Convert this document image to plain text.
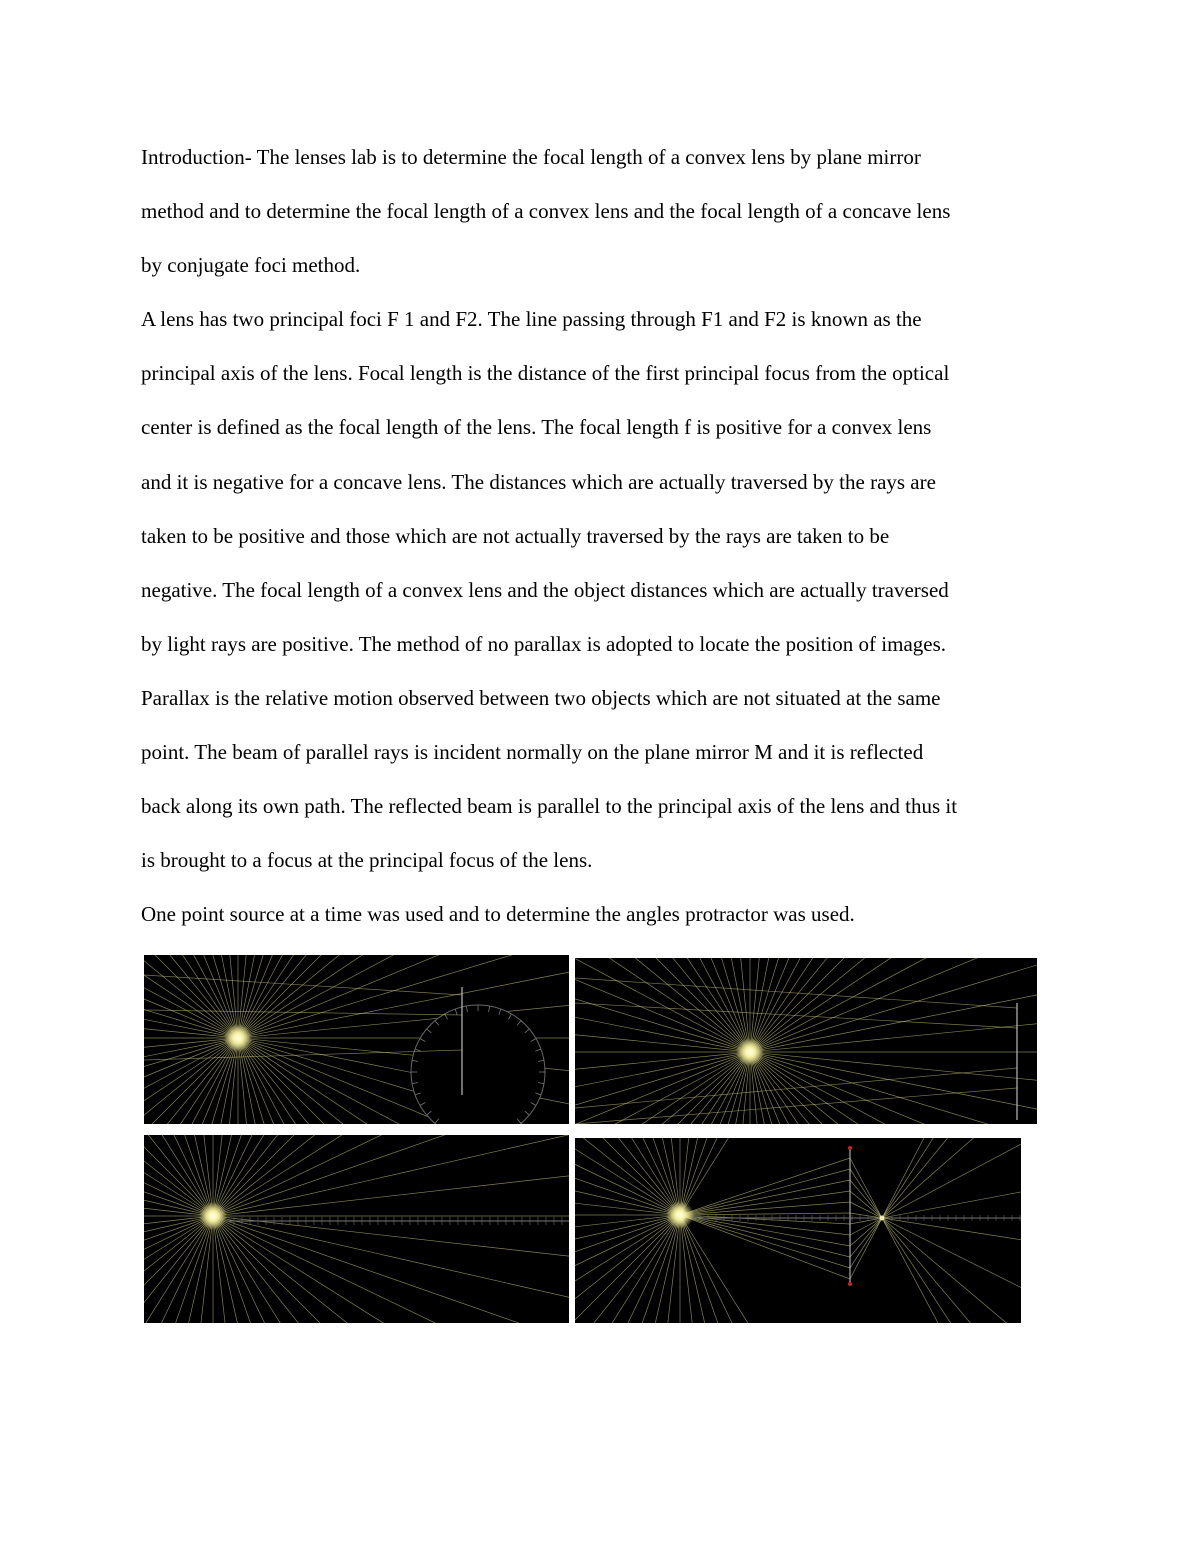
Introduction- The lenses lab is to determine the focal length of a convex lens by plane mirror

method and to determine the focal length of a convex lens and the focal length of a concave lens

by conjugate foci method.

A lens has two principal foci F 1 and F2. The line passing through F1 and F2 is known as the

principal axis of the lens. Focal length is the distance of the first principal focus from the optical

center is defined as the focal length of the lens. The focal length f is positive for a convex lens

and it is negative for a concave lens. The distances which are actually traversed by the rays are

taken to be positive and those which are not actually traversed by the rays are taken to be

negative. The focal length of a convex lens and the object distances which are actually traversed

by light rays are positive. The method of no parallax is adopted to locate the position of images.

Parallax is the relative motion observed between two objects which are not situated at the same

point. The beam of parallel rays is incident normally on the plane mirror M and it is reflected

back along its own path. The reflected beam is parallel to the principal axis of the lens and thus it

is brought to a focus at the principal focus of the lens.

One point source at a time was used and to determine the angles protractor was used.
